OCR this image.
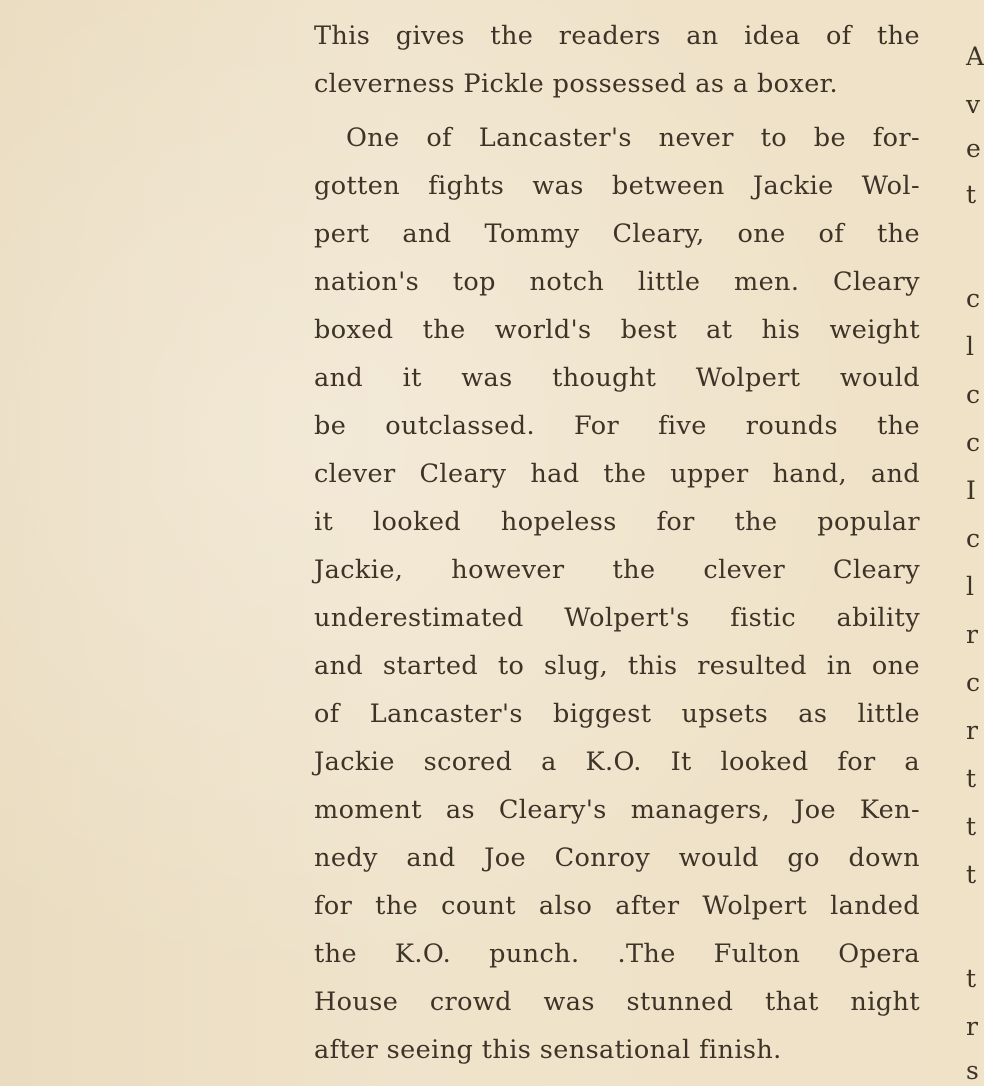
This gives the readers an idea of the
cleverness Pickle possessed as a boxer.
One of Lancaster's never to be for-
gotten fights was between Jackie Wol-
pert and Tommy Cleary, one of the
nation's top notch little men. Cleary
boxed the world's best at his weight
and it was thought Wolpert would
be outclassed. For five rounds the
clever Cleary had the upper hand, and
it looked hopeless for the popular
Jackie, however the clever Cleary
underestimated Wolpert's fistic ability
and started to slug, this resulted in one
of Lancaster's biggest upsets as little
Jackie scored a K.O. It looked for a
moment as Cleary's managers, Joe Ken-
nedy and Joe Conroy would go down
for the count also after Wolpert landed
the K.O. punch. .The Fulton Opera
House crowd was stunned that night
after seeing this sensational finish.
A
v
e
t
c
l
c
c
I
c
l
r
c
r
t
t
t
t
r
s
